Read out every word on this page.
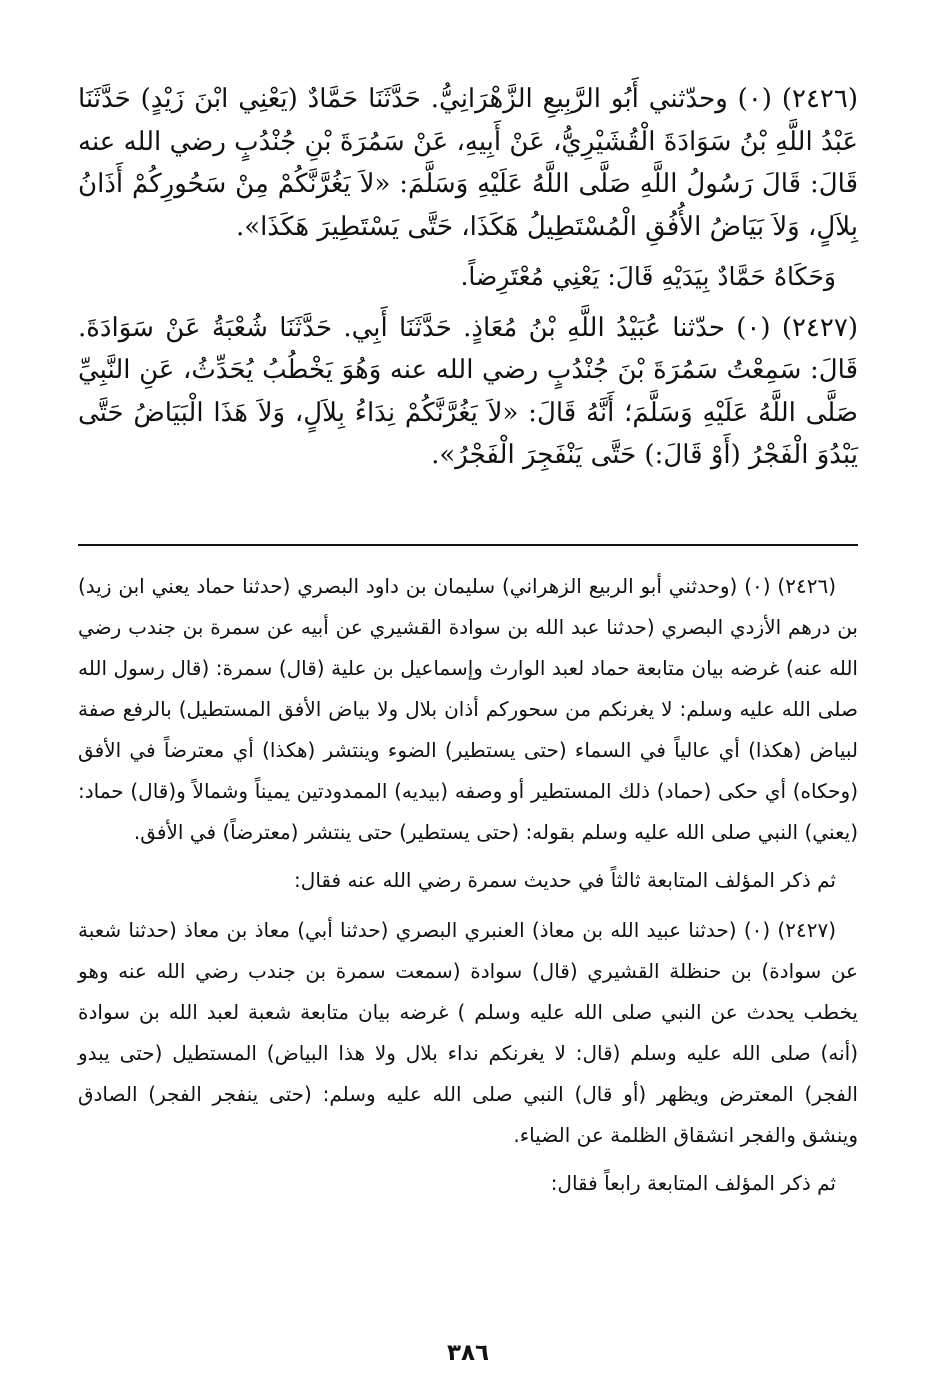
(٢٤٢٦) (٠) وحدّثني أَبُو الرَّبِيعِ الزَّهْرَانِيُّ. حَدَّثَنَا حَمَّادٌ (يَعْنِي ابْنَ زَيْدٍ) حَدَّثَنَا عَبْدُ اللَّهِ بْنُ سَوَادَةَ الْقُشَيْرِيُّ، عَنْ أَبِيهِ، عَنْ سَمُرَةَ بْنِ جُنْدُبٍ رضي الله عنه قَالَ: قَالَ رَسُولُ اللَّهِ صَلَّى اللَّهُ عَلَيْهِ وَسَلَّمَ: «لاَ يَغُرَّنَّكُمْ مِنْ سَحُورِكُمْ أَذَانُ بِلاَلٍ، وَلاَ بَيَاضُ الأُفُقِ الْمُسْتَطِيلُ هَكَذَا، حَتَّى يَسْتَطِيرَ هَكَذَا».

وَحَكَاهُ حَمَّادٌ بِيَدَيْهِ قَالَ: يَعْنِي مُعْتَرِضاً.

(٢٤٢٧) (٠) حدّثنا عُبَيْدُ اللَّهِ بْنُ مُعَاذٍ. حَدَّثَنَا أَبِي. حَدَّثَنَا شُعْبَةُ عَنْ سَوَادَةَ. قَالَ: سَمِعْتُ سَمُرَةَ بْنَ جُنْدُبٍ رضي الله عنه وَهُوَ يَخْطُبُ يُحَدِّثُ، عَنِ النَّبِيِّ صَلَّى اللَّهُ عَلَيْهِ وَسَلَّمَ؛ أَنَّهُ قَالَ: «لاَ يَغُرَّنَّكُمْ نِدَاءُ بِلاَلٍ، وَلاَ هَذَا الْبَيَاضُ حَتَّى يَبْدُوَ الْفَجْرُ (أَوْ قَالَ:) حَتَّى يَنْفَجِرَ الْفَجْرُ».

(٢٤٢٦) (٠) (وحدثني أبو الربيع الزهراني) سليمان بن داود البصري (حدثنا حماد يعني ابن زيد) بن درهم الأزدي البصري (حدثنا عبد الله بن سوادة القشيري عن أبيه عن سمرة بن جندب رضي الله عنه) غرضه بيان متابعة حماد لعبد الوارث وإسماعيل بن علية (قال) سمرة: (قال رسول الله صلى الله عليه وسلم: لا يغرنكم من سحوركم أذان بلال ولا بياض الأفق المستطيل) بالرفع صفة لبياض (هكذا) أي عالياً في السماء (حتى يستطير) الضوء وينتشر (هكذا) أي معترضاً في الأفق (وحكاه) أي حكى (حماد) ذلك المستطير أو وصفه (بيديه) الممدودتين يميناً وشمالاً و(قال) حماد: (يعني) النبي صلى الله عليه وسلم بقوله: (حتى يستطير) حتى ينتشر (معترضاً) في الأفق.

ثم ذكر المؤلف المتابعة ثالثاً في حديث سمرة رضي الله عنه فقال:

(٢٤٢٧) (٠) (حدثنا عبيد الله بن معاذ) العنبري البصري (حدثنا أبي) معاذ بن معاذ (حدثنا شعبة عن سوادة) بن حنظلة القشيري (قال) سوادة (سمعت سمرة بن جندب رضي الله عنه وهو يخطب يحدث عن النبي صلى الله عليه وسلم ) غرضه بيان متابعة شعبة لعبد الله بن سوادة (أنه) صلى الله عليه وسلم (قال: لا يغرنكم نداء بلال ولا هذا البياض) المستطيل (حتى يبدو الفجر) المعترض ويظهر (أو قال) النبي صلى الله عليه وسلم: (حتى ينفجر الفجر) الصادق وينشق والفجر انشقاق الظلمة عن الضياء.

ثم ذكر المؤلف المتابعة رابعاً فقال:

٣٨٦
